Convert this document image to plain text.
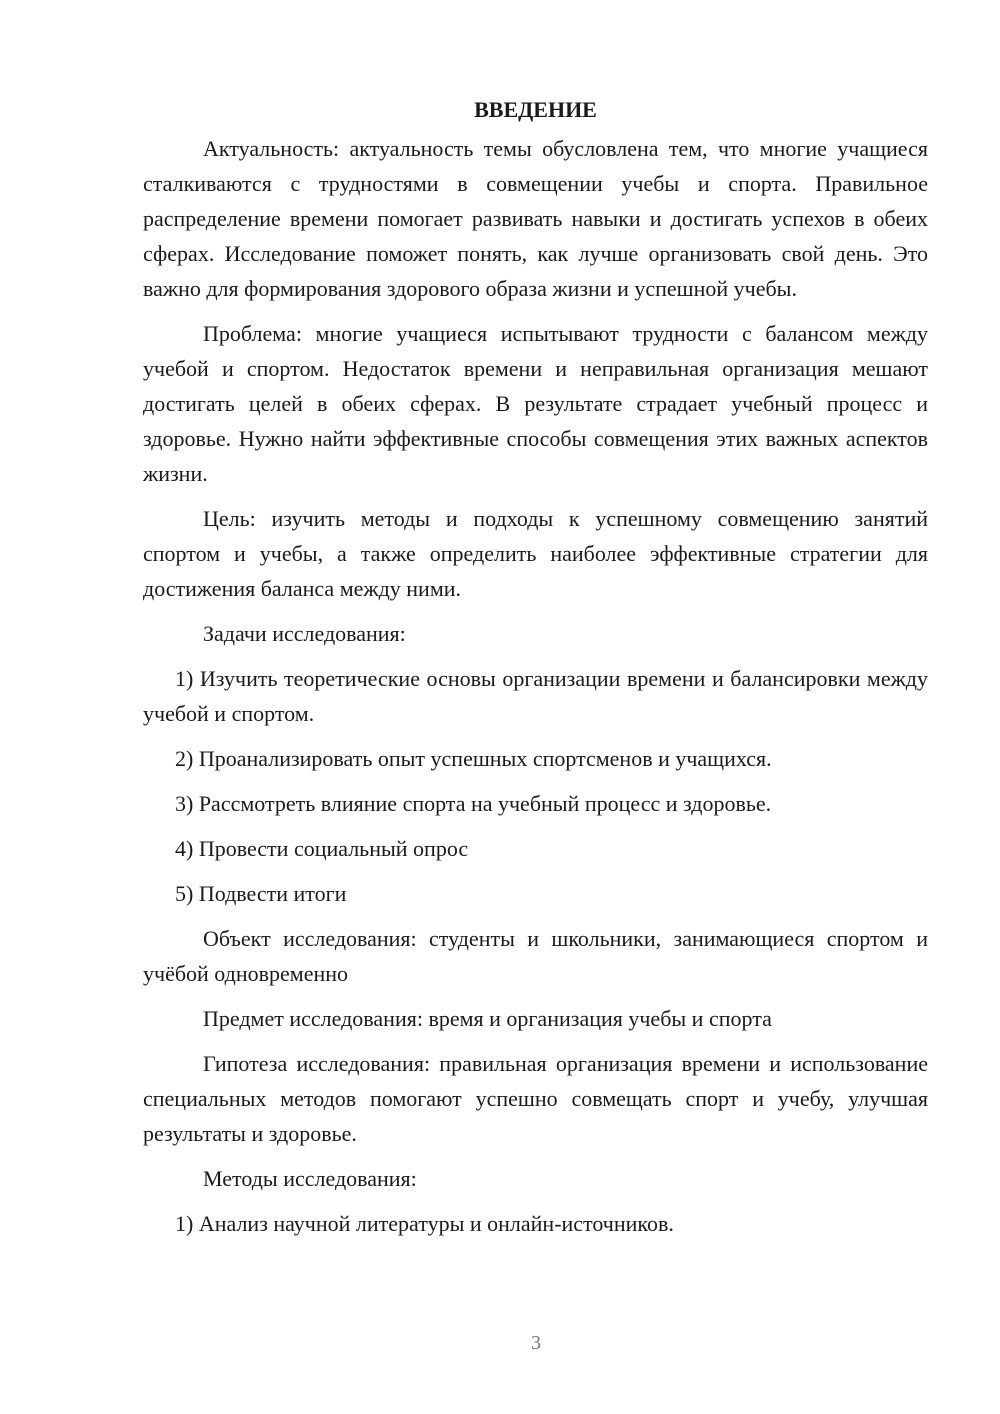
ВВЕДЕНИЕ
Актуальность: актуальность темы обусловлена тем, что многие учащиеся сталкиваются с трудностями в совмещении учебы и спорта. Правильное распределение времени помогает развивать навыки и достигать успехов в обеих сферах. Исследование поможет понять, как лучше организовать свой день. Это важно для формирования здорового образа жизни и успешной учебы.
Проблема: многие учащиеся испытывают трудности с балансом между учебой и спортом. Недостаток времени и неправильная организация мешают достигать целей в обеих сферах. В результате страдает учебный процесс и здоровье. Нужно найти эффективные способы совмещения этих важных аспектов жизни.
Цель: изучить методы и подходы к успешному совмещению занятий спортом и учебы, а также определить наиболее эффективные стратегии для достижения баланса между ними.
Задачи исследования:
1) Изучить теоретические основы организации времени и балансировки между учебой и спортом.
2) Проанализировать опыт успешных спортсменов и учащихся.
3) Рассмотреть влияние спорта на учебный процесс и здоровье.
4) Провести социальный опрос
5) Подвести итоги
Объект исследования: студенты и школьники, занимающиеся спортом и учёбой одновременно
Предмет исследования: время и организация учебы и спорта
Гипотеза исследования: правильная организация времени и использование специальных методов помогают успешно совмещать спорт и учебу, улучшая результаты и здоровье.
Методы исследования:
1) Анализ научной литературы и онлайн-источников.
3
